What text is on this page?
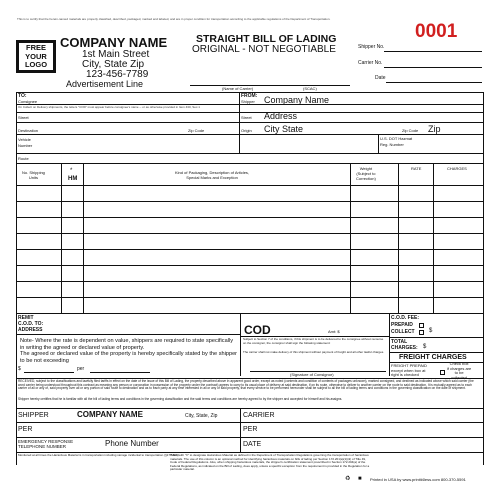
This is to certify that the herein-named materials are properly classified, described, packaged, marked and labeled, and are in proper condition for transportation according to the applicable regulations of the Department of Transportation.
0001
FREE
YOUR
LOGO
COMPANY NAME
1st Main Street
City, State Zip
123-456-7789
Advertisement Line
STRAIGHT BILL OF LADING
ORIGINAL - NOT NEGOTIABLE	Shipper No.
Carrier No.
Date
(Name of Carrier)	(SCAC)
TO:
Consignee
On Collect on Delivery shipments, the letters "COD" must appear before consignee's name -- or as otherwise provided in Item 430, Sec.1
FROM:
Shipper Company Name
Street	Street Address
Destination	Zip Code	Origin City State	Zip Code Zip
Vehicle
Number
U.S. DOT Hazmat
Reg. Number
Route
No. Shipping
Units
*
HM
Kind of Packaging, Description of Articles,
Special Marks and Exception
Weight
(Subject to
Correction)
RATE	CHARGES
REMIT
C.O.D. TO:
ADDRESS	COD	Amt: $
C.O.D. FEE:
PREPAID
COLLECT $
Note- Where the rate is dependent on value, shippers are required to state specifically in writing the agreed or declared value of property.
The agreed or declared value of the property is hereby specifically stated by the shipper to be not exceeding
$	per
Subject to Section 7 of the conditions, if this shipment is to be delivered to the consignee without recourse on the consignor, the consignor shall sign the following statement:
The carrier shall not make delivery of this shipment without payment of freight and all other lawful charges.
(Signature of Consignor)
TOTAL
CHARGES: $
FREIGHT CHARGES
FREIGHT PREPAID
except when box at
right is checked
Check box
if charges are
to be
collected
RECEIVED, subject to the classifications and lawfully filed tariffs in effect on the date of the issue of this Bill of Lading, the property described above in apparent good order, except as noted (contents and condition of contents of packages unknown), marked consigned, and destined as indicated above which said carrier (the word carrier being understood throughout this contract as meaning any person or corporation in possession of the property under the contract) agrees to carry to its usual place of delivery at said destination, if on its route, otherwise to deliver to another carrier on the route to said destination. It is mutually agreed as to each carrier of all or any of, said property over all or any portion of said route to destination and as to each party at any time interested in all or any of said property, that every service to be performed hereunder shall be subject to all the bill of lading terms and conditions in the governing classification on the date of shipment.
Shipper hereby certifies that he is familiar with all the bill of lading terms and conditions in the governing classification and the said terms and conditions are hereby agreed to by the shipper and accepted for himself and his assigns.
SHIPPER	COMPANY NAME	City, State, Zip	CARRIER
PER	PER
EMERGENCY RESPONSE
TELEPHONE NUMBER	Phone Number	DATE
Monitored at all times the Hazardous Material is in transportation including storage incidental to transportation (§172.604)
*Mark with "X" to designate Hazardous Material as defined in the Department of Transportation Regulations governing the transportation of hazardous materials. The use of this column is an optional method for identifying hazardous materials on bills of lading per Section 172.201(a)(1)(iii) of Title 49, Code of Federal Regulations. Also, when shipping hazardous materials, the shipper's certification statement prescribed in Section 172.204(a) of the Federal Regulations, as indicated on the Bill of Lading, does apply, unless a specific exception from the requirement is provided in the Regulation for a particular material.
Printed in USA by www.printit4less.com 800-370-5591
♻ ■
